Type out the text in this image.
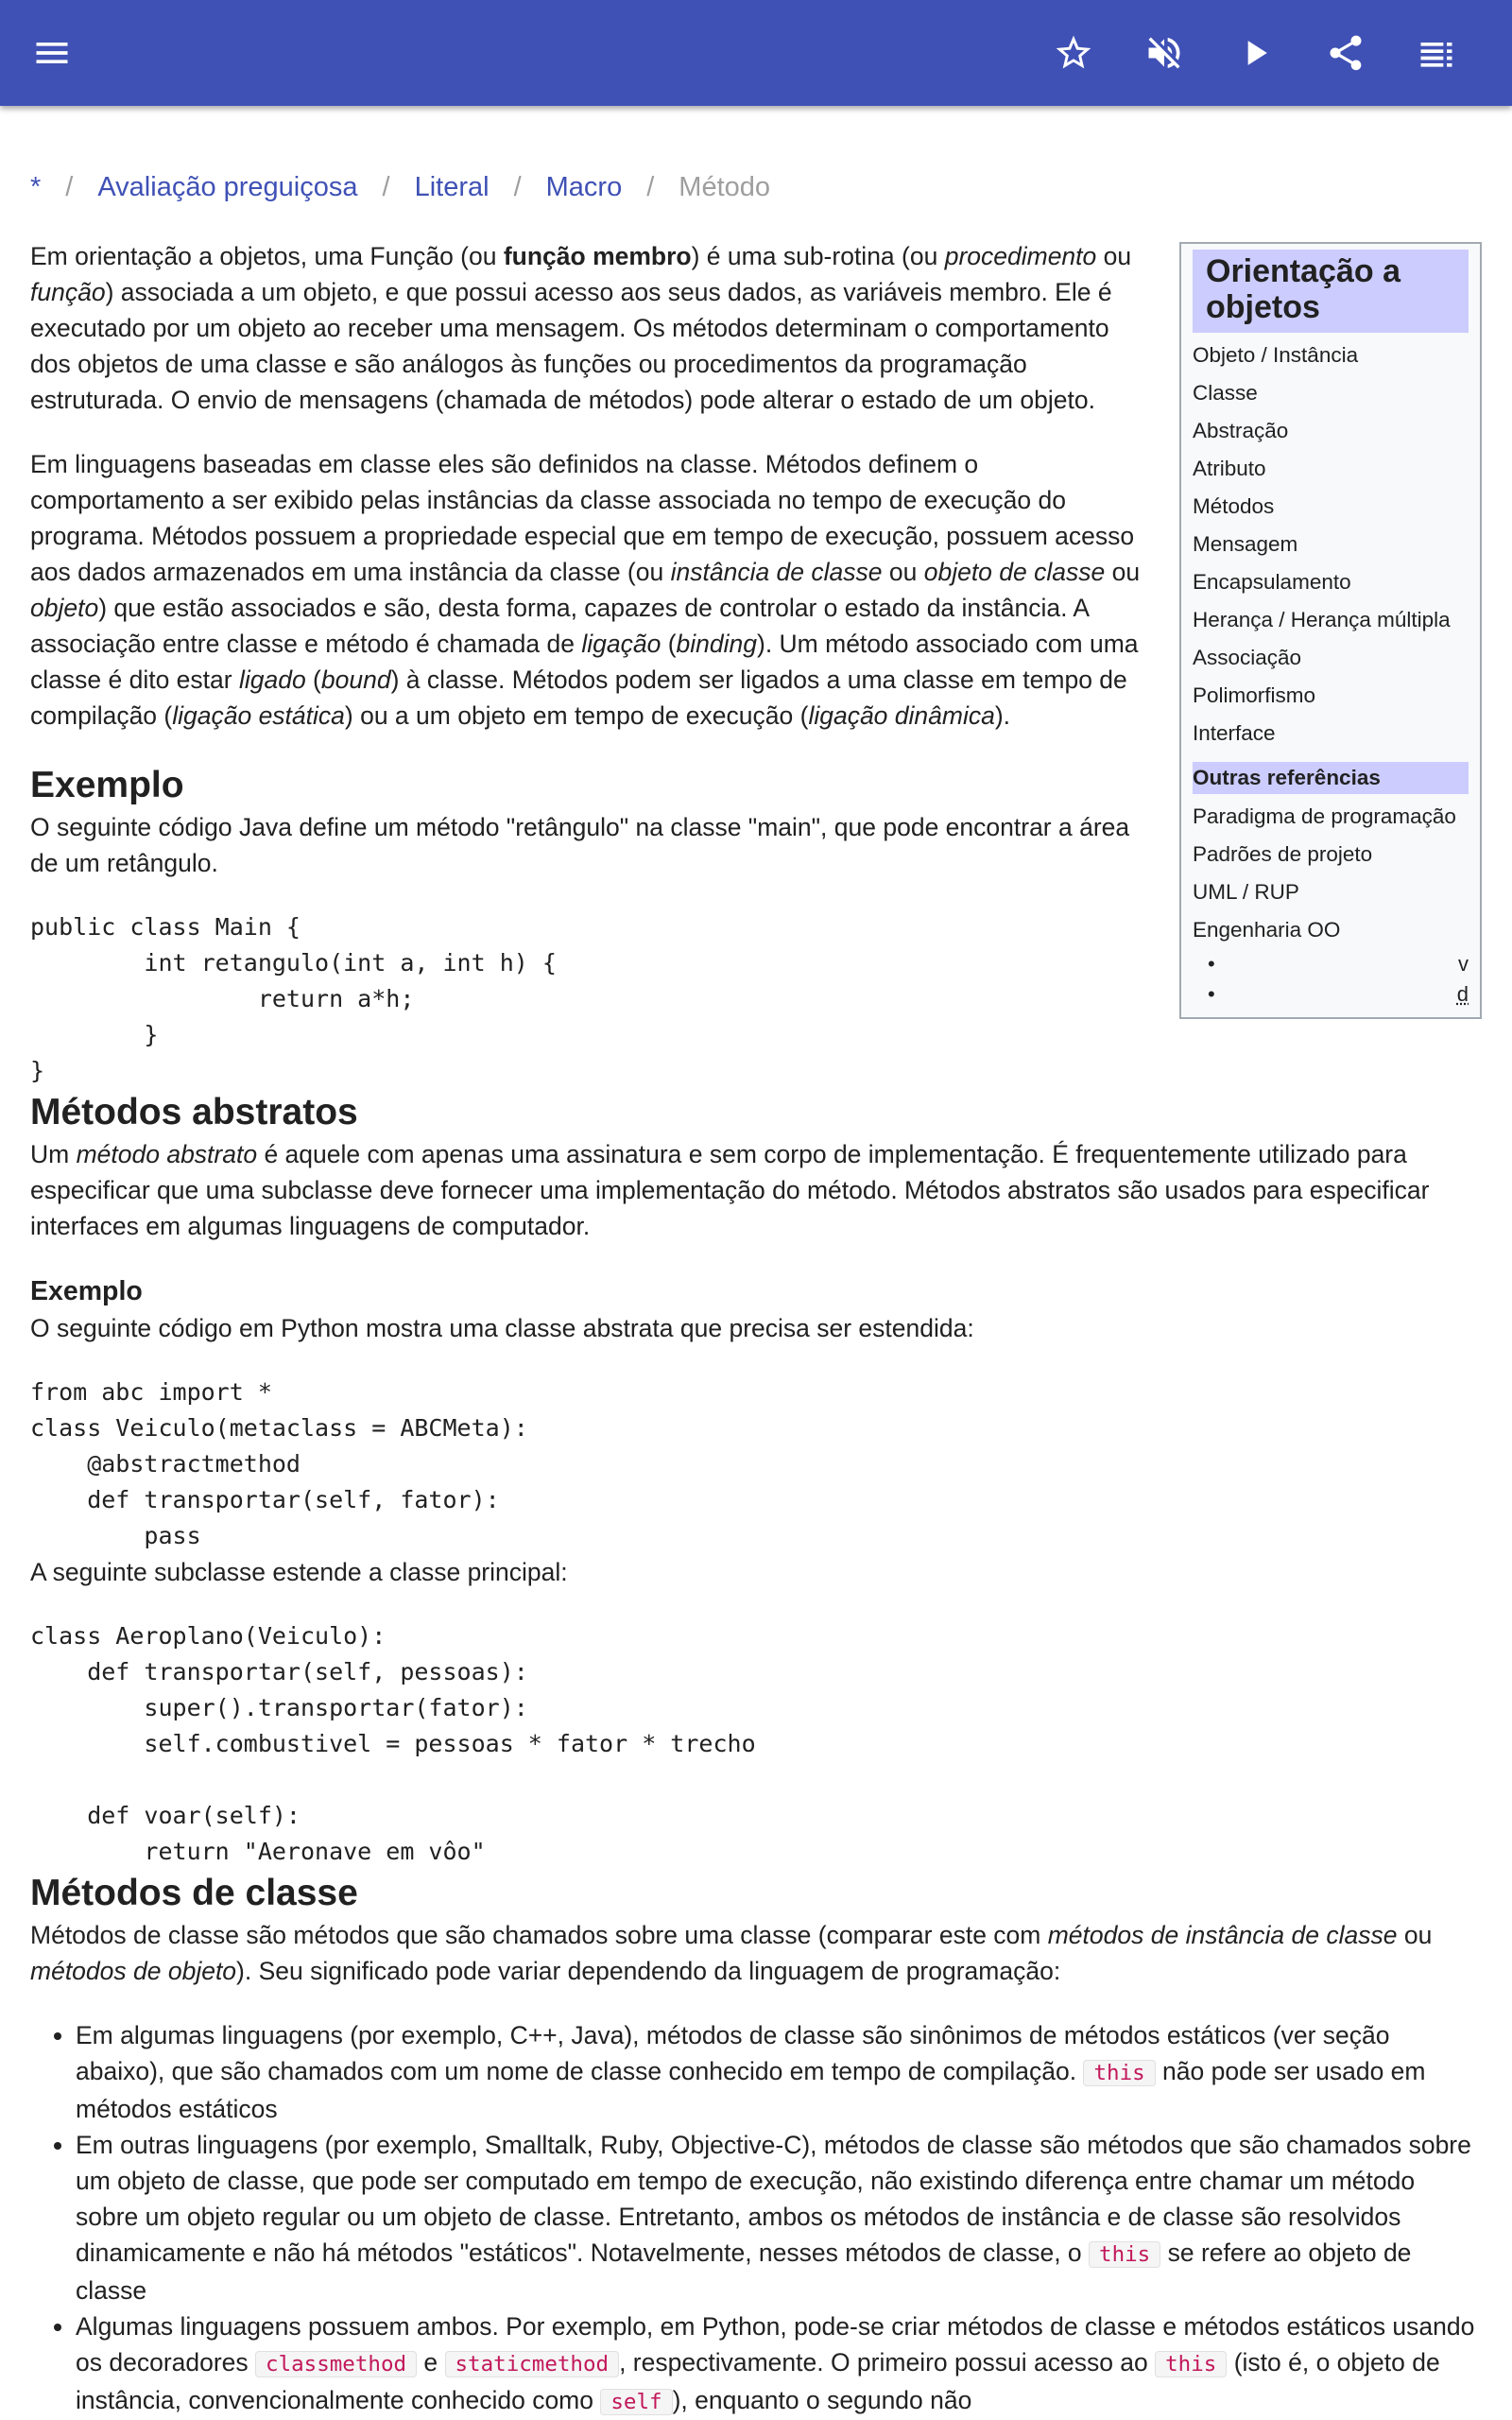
* / Avaliação preguiçosa / Literal / Macro / Método
Orientação a objetos
Objeto / Instância
Classe
Abstração
Atributo
Métodos
Mensagem
Encapsulamento
Herança / Herança múltipla
Associação
Polimorfismo
Interface
Outras referências
Paradigma de programação
Padrões de projeto
UML / RUP
Engenharia OO
•	v
•	d

Em orientação a objetos, uma Função (ou função membro) é uma sub-rotina (ou procedimento ou função) associada a um objeto, e que possui acesso aos seus dados, as variáveis membro. Ele é executado por um objeto ao receber uma mensagem. Os métodos determinam o comportamento dos objetos de uma classe e são análogos às funções ou procedimentos da programação estruturada. O envio de mensagens (chamada de métodos) pode alterar o estado de um objeto.

Em linguagens baseadas em classe eles são definidos na classe. Métodos definem o comportamento a ser exibido pelas instâncias da classe associada no tempo de execução do programa. Métodos possuem a propriedade especial que em tempo de execução, possuem acesso aos dados armazenados em uma instância da classe (ou instância de classe ou objeto de classe ou objeto) que estão associados e são, desta forma, capazes de controlar o estado da instância. A associação entre classe e método é chamada de ligação (binding). Um método associado com uma classe é dito estar ligado (bound) à classe. Métodos podem ser ligados a uma classe em tempo de compilação (ligação estática) ou a um objeto em tempo de execução (ligação dinâmica).

Exemplo

O seguinte código Java define um método "retângulo" na classe "main", que pode encontrar a área de um retângulo.

public class Main {
int retangulo(int a, int h) {
return a*h;
}
}
Métodos abstratos

Um método abstrato é aquele com apenas uma assinatura e sem corpo de implementação. É frequentemente utilizado para especificar que uma subclasse deve fornecer uma implementação do método. Métodos abstratos são usados para especificar interfaces em algumas linguagens de computador.

Exemplo

O seguinte código em Python mostra uma classe abstrata que precisa ser estendida:

from abc import *
class Veiculo(metaclass = ABCMeta):
@abstractmethod
def transportar(self, fator):
pass

A seguinte subclasse estende a classe principal:

class Aeroplano(Veiculo):
def transportar(self, pessoas):
super().transportar(fator):
self.combustivel = pessoas * fator * trecho

def voar(self):
return "Aeronave em vôo"
Métodos de classe

Métodos de classe são métodos que são chamados sobre uma classe (comparar este com métodos de instância de classe ou métodos de objeto). Seu significado pode variar dependendo da linguagem de programação:

• Em algumas linguagens (por exemplo, C++, Java), métodos de classe são sinônimos de métodos estáticos (ver seção abaixo), que são chamados com um nome de classe conhecido em tempo de compilação. this não pode ser usado em métodos estáticos
• Em outras linguagens (por exemplo, Smalltalk, Ruby, Objective-C), métodos de classe são métodos que são chamados sobre um objeto de classe, que pode ser computado em tempo de execução, não existindo diferença entre chamar um método sobre um objeto regular ou um objeto de classe. Entretanto, ambos os métodos de instância e de classe são resolvidos dinamicamente e não há métodos "estáticos". Notavelmente, nesses métodos de classe, o this se refere ao objeto de classe
• Algumas linguagens possuem ambos. Por exemplo, em Python, pode-se criar métodos de classe e métodos estáticos usando os decoradores classmethod e staticmethod , respectivamente. O primeiro possui acesso ao this (isto é, o objeto de instância, convencionalmente conhecido como self ), enquanto o segundo não
